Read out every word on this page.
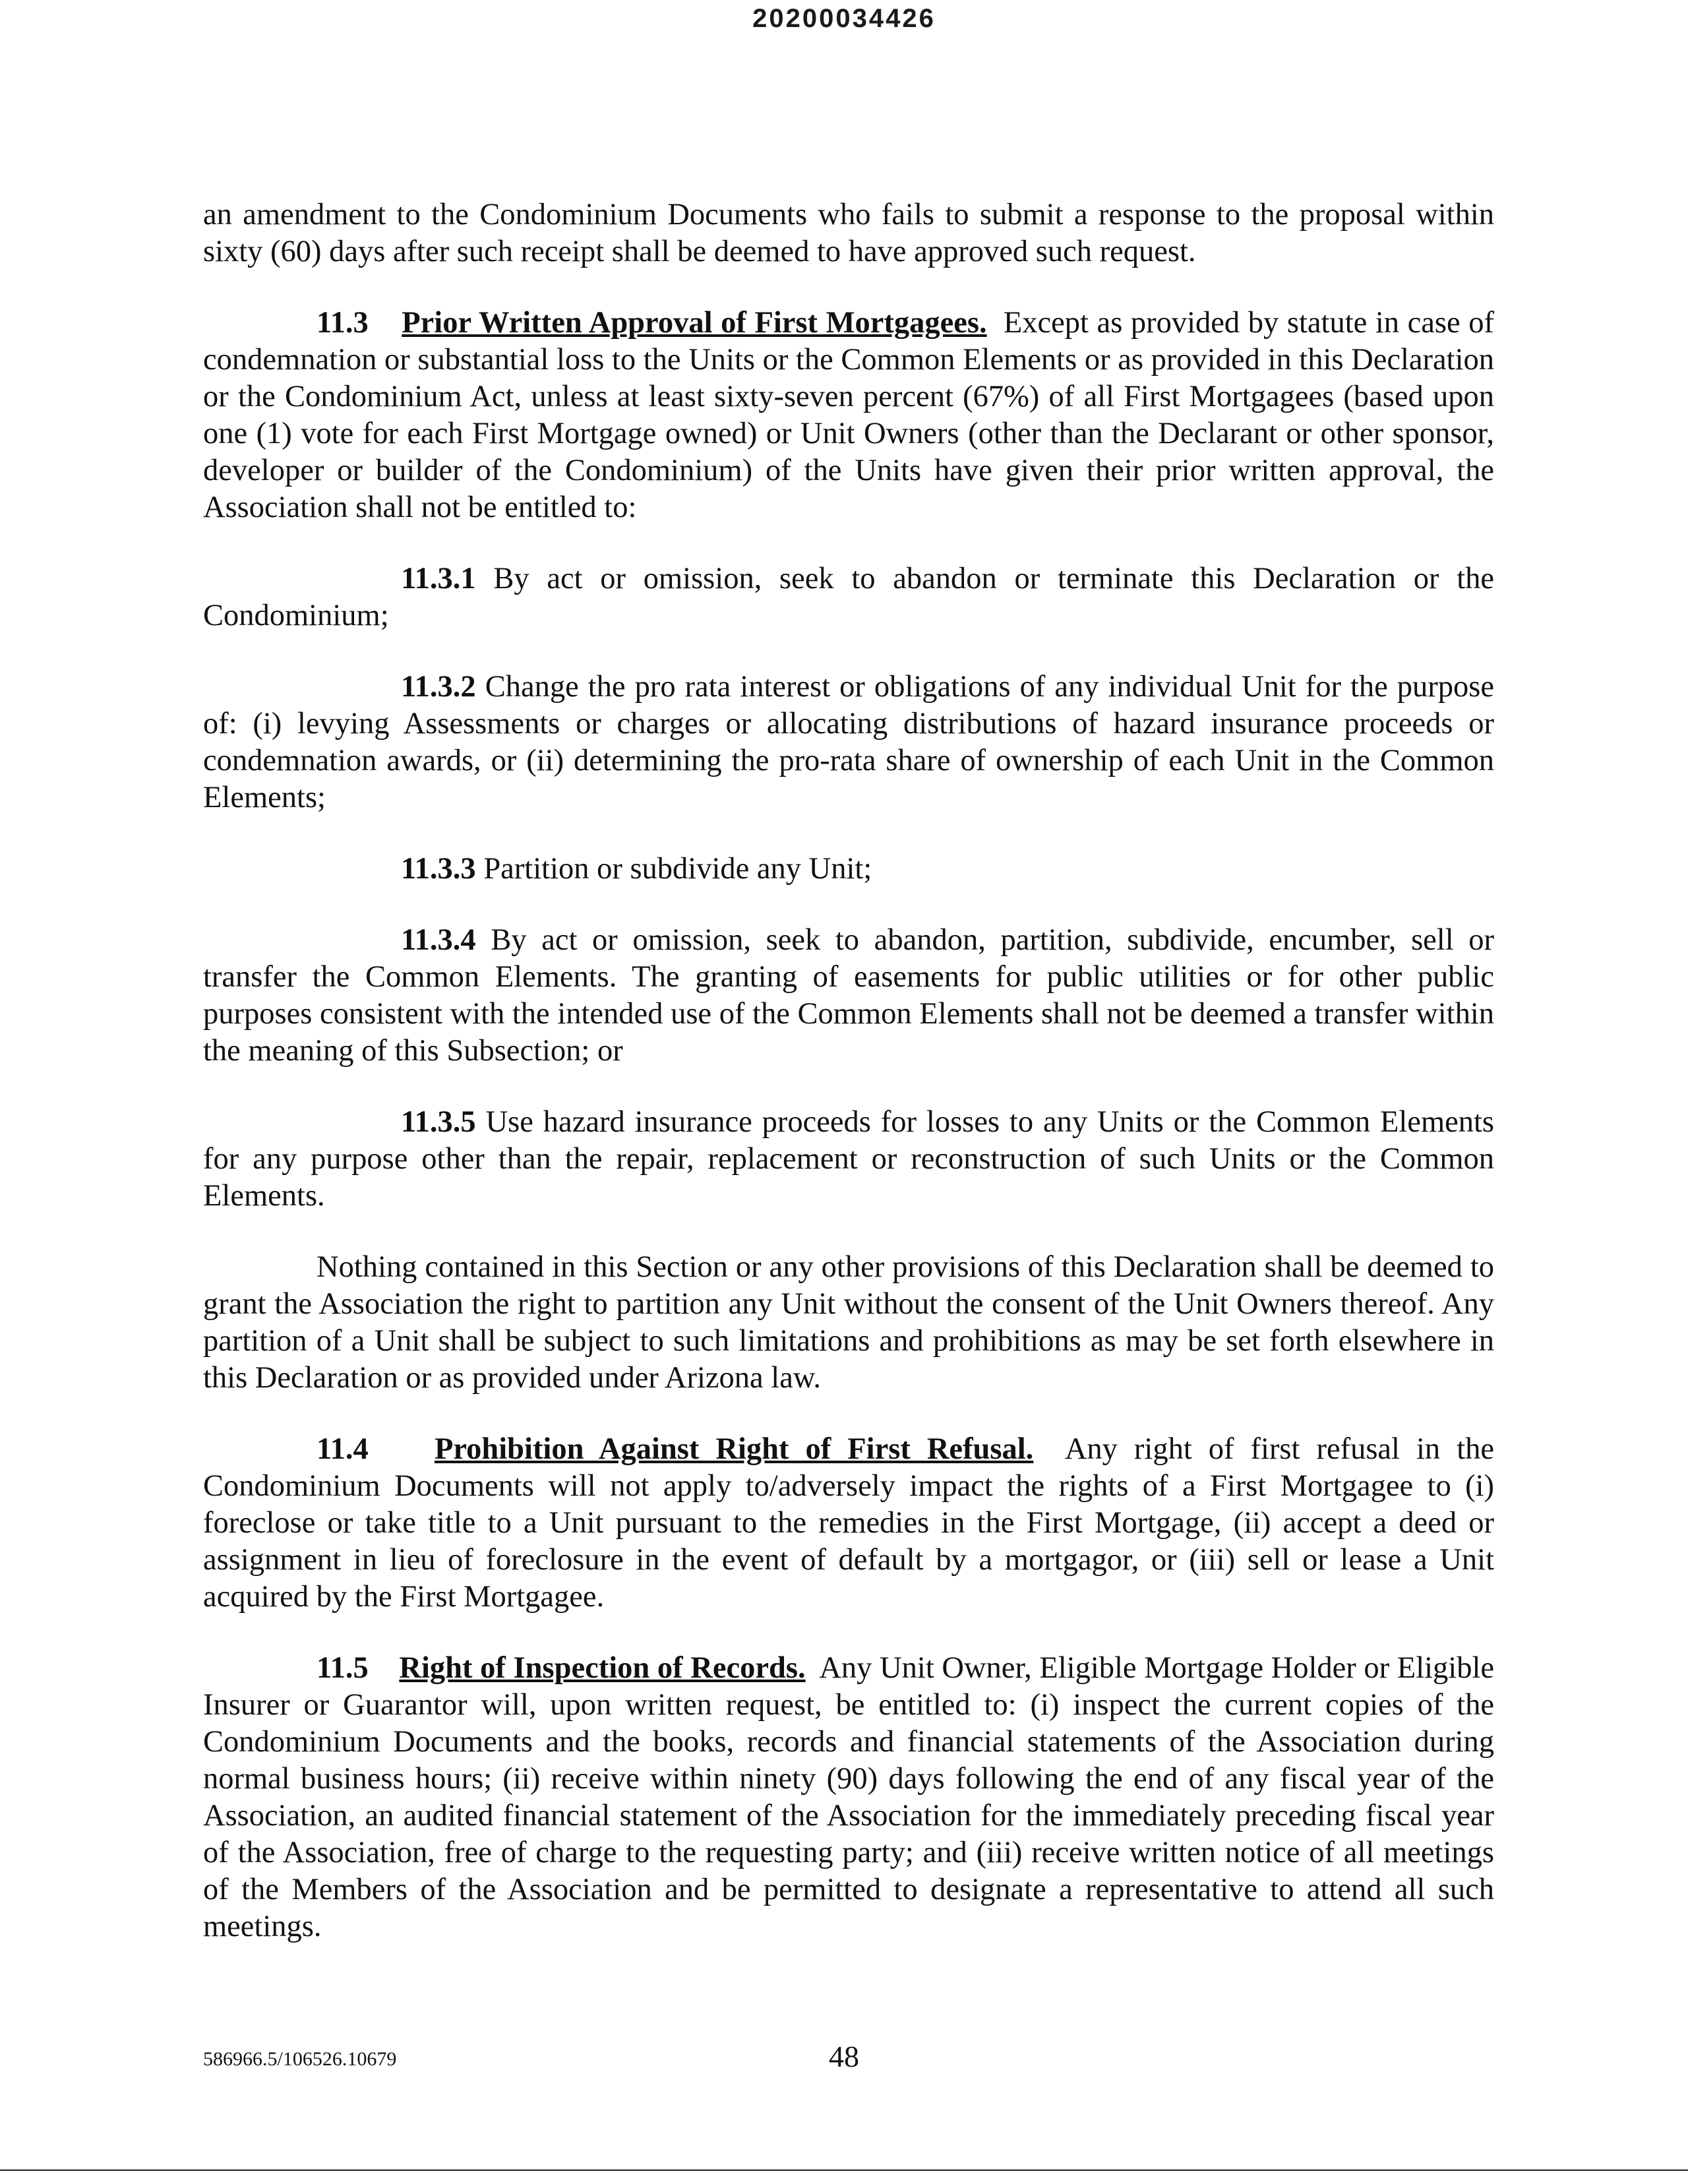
20200034426

an amendment to the Condominium Documents who fails to submit a response to the proposal within sixty (60) days after such receipt shall be deemed to have approved such request.

11.3 Prior Written Approval of First Mortgagees. Except as provided by statute in case of condemnation or substantial loss to the Units or the Common Elements or as provided in this Declaration or the Condominium Act, unless at least sixty-seven percent (67%) of all First Mortgagees (based upon one (1) vote for each First Mortgage owned) or Unit Owners (other than the Declarant or other sponsor, developer or builder of the Condominium) of the Units have given their prior written approval, the Association shall not be entitled to:

11.3.1 By act or omission, seek to abandon or terminate this Declaration or the Condominium;

11.3.2 Change the pro rata interest or obligations of any individual Unit for the purpose of: (i) levying Assessments or charges or allocating distributions of hazard insurance proceeds or condemnation awards, or (ii) determining the pro-rata share of ownership of each Unit in the Common Elements;

11.3.3 Partition or subdivide any Unit;

11.3.4 By act or omission, seek to abandon, partition, subdivide, encumber, sell or transfer the Common Elements. The granting of easements for public utilities or for other public purposes consistent with the intended use of the Common Elements shall not be deemed a transfer within the meaning of this Subsection; or

11.3.5 Use hazard insurance proceeds for losses to any Units or the Common Elements for any purpose other than the repair, replacement or reconstruction of such Units or the Common Elements.

Nothing contained in this Section or any other provisions of this Declaration shall be deemed to grant the Association the right to partition any Unit without the consent of the Unit Owners thereof. Any partition of a Unit shall be subject to such limitations and prohibitions as may be set forth elsewhere in this Declaration or as provided under Arizona law.

11.4 Prohibition Against Right of First Refusal. Any right of first refusal in the Condominium Documents will not apply to/adversely impact the rights of a First Mortgagee to (i) foreclose or take title to a Unit pursuant to the remedies in the First Mortgage, (ii) accept a deed or assignment in lieu of foreclosure in the event of default by a mortgagor, or (iii) sell or lease a Unit acquired by the First Mortgagee.

11.5 Right of Inspection of Records. Any Unit Owner, Eligible Mortgage Holder or Eligible Insurer or Guarantor will, upon written request, be entitled to: (i) inspect the current copies of the Condominium Documents and the books, records and financial statements of the Association during normal business hours; (ii) receive within ninety (90) days following the end of any fiscal year of the Association, an audited financial statement of the Association for the immediately preceding fiscal year of the Association, free of charge to the requesting party; and (iii) receive written notice of all meetings of the Members of the Association and be permitted to designate a representative to attend all such meetings.

586966.5/106526.10679	48
